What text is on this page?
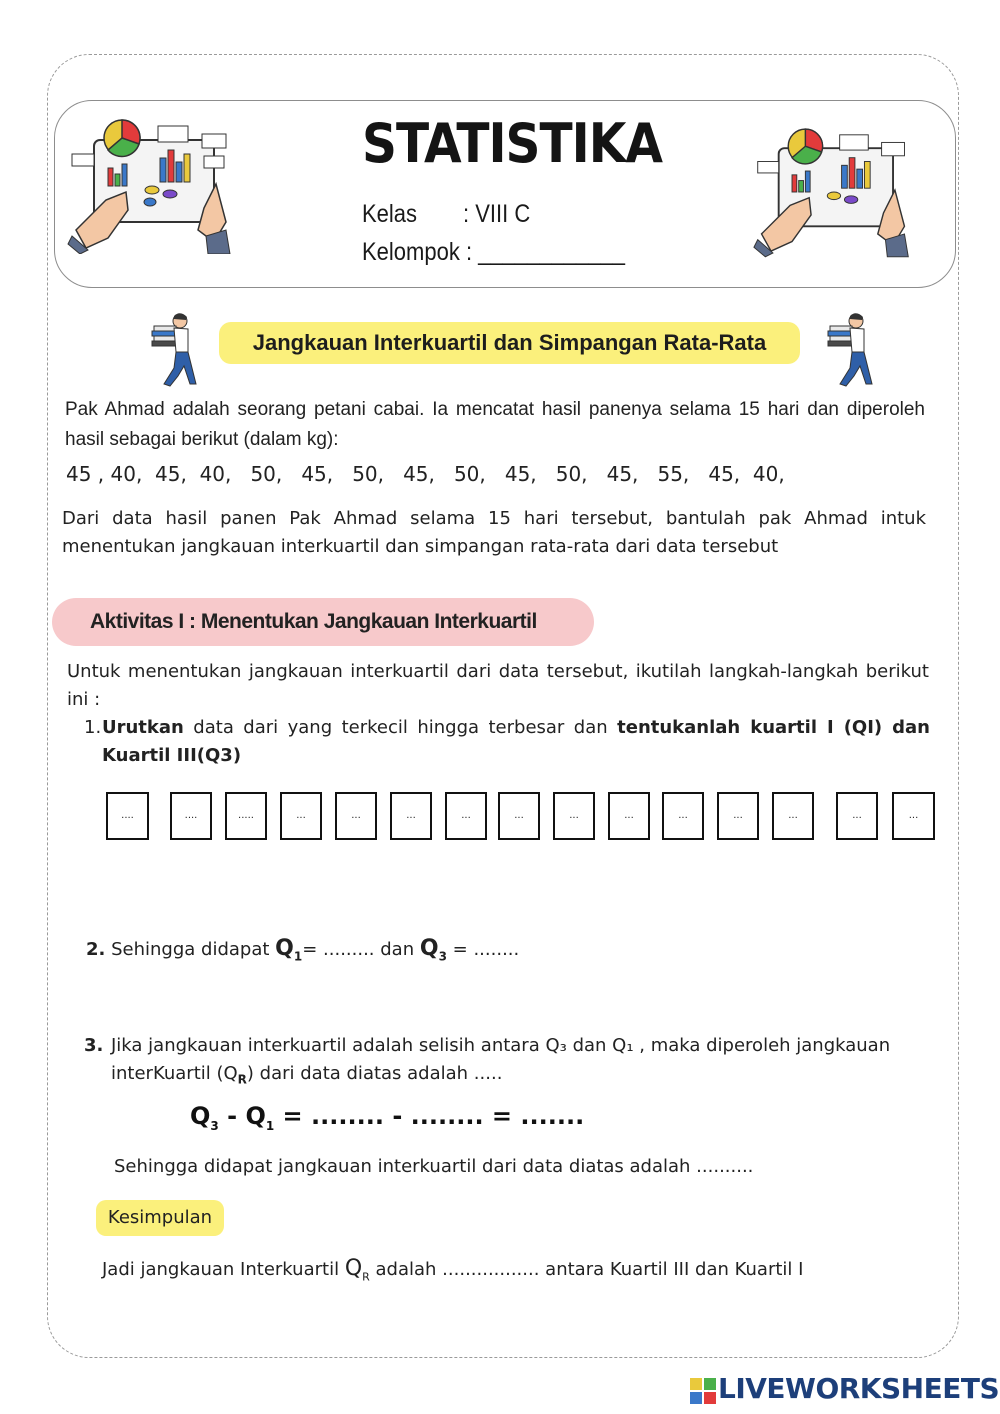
STATISTIKA
Kelas : VIII C
Kelompok : ____________
Jangkauan Interkuartil dan Simpangan Rata-Rata
Pak Ahmad adalah seorang petani cabai. Ia mencatat hasil panenya selama 15 hari dan diperoleh hasil sebagai berikut (dalam kg):
45 , 40,  45,  40,   50,   45,   50,   45,   50,   45,   50,   45,   55,   45,  40,
Dari data hasil panen Pak Ahmad selama 15 hari tersebut, bantulah pak Ahmad intuk menentukan jangkauan interkuartil dan simpangan rata-rata dari data tersebut
Aktivitas I : Menentukan Jangkauan Interkuartil
Untuk menentukan jangkauan interkuartil dari data tersebut, ikutilah langkah-langkah berikut ini :
1. Urutkan data dari yang terkecil hingga terbesar dan tentukanlah kuartil I (QI) dan Kuartil III(Q3)
....	....	.....	...	...	...	...	...	...	...	...	...	...	...	...
2. Sehingga didapat $Q_1=$ ......... dan $Q_3$ = ........
3. Jika jangkauan interkuartil adalah selisih antara Q₃ dan Q₁ , maka diperoleh jangkauan interKuartil $(Q_R)$ dari data diatas adalah .....
$Q_3 - Q_1$ = ........ - ........ = .......
Sehingga didapat jangkauan interkuartil dari data diatas adalah ..........
Kesimpulan
Jadi jangkauan Interkuartil $Q_R$ adalah ................. antara Kuartil III dan Kuartil I
LIVEWORKSHEETS
